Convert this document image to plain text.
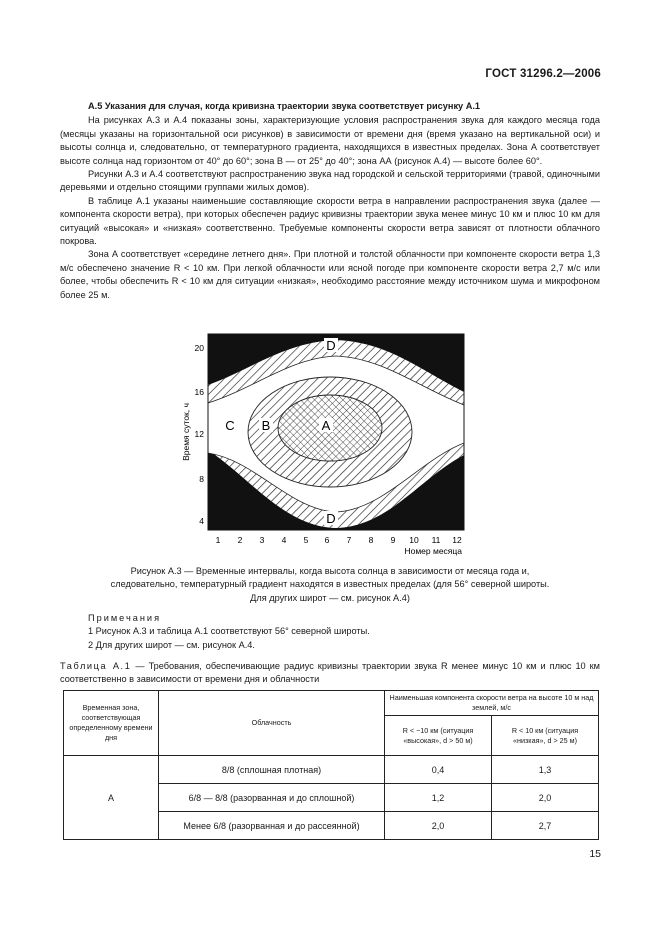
ГОСТ 31296.2—2006

А.5 Указания для случая, когда кривизна траектории звука соответствует рисунку А.1

На рисунках А.3 и А.4 показаны зоны, характеризующие условия распространения звука для каждого месяца года (месяцы указаны на горизонтальной оси рисунков) в зависимости от времени дня (время указано на вертикальной оси) и высоты солнца и, следовательно, от температурного градиента, находящихся в известных пределах. Зона А соответствует высоте солнца над горизонтом от 40° до 60°; зона В — от 25° до 40°; зона АА (рисунок А.4) — высоте более 60°.

Рисунки А.3 и А.4 соответствуют распространению звука над городской и сельской территориями (травой, одиночными деревьями и отдельно стоящими группами жилых домов).

В таблице А.1 указаны наименьшие составляющие скорости ветра в направлении распространения звука (далее — компонента скорости ветра), при которых обеспечен радиус кривизны траектории звука менее минус 10 км и плюс 10 км для ситуаций «высокая» и «низкая» соответственно. Требуемые компоненты скорости ветра зависят от плотности облачного покрова.

Зона А соответствует «середине летнего дня». При плотной и толстой облачности при компоненте скорости ветра 1,3 м/с обеспечено значение R < 10 км. При легкой облачности или ясной погоде при компоненте скорости ветра 2,7 м/с или более, чтобы обеспечить R < 10 км для ситуации «низкая», необходимо расстояние между источником шума и микрофоном более 25 м.

A
B
C
D
D
20
16
12
8
4
Время суток, ч
1 2 3 4 5 6 7 8 9 10 11 12
Номер месяца

Рисунок А.3 — Временные интервалы, когда высота солнца в зависимости от месяца года и,

следовательно, температурный градиент находятся в известных пределах (для 56° северной широты.

Для других широт — см. рисунок А.4)

Примечания

1 Рисунок А.3 и таблица А.1 соответствуют 56° северной широты.

2 Для других широт — см. рисунок А.4.

Таблица А.1 — Требования, обеспечивающие радиус кривизны траектории звука R менее минус 10 км и плюс 10 км соответственно в зависимости от времени дня и облачности

Временная зона, соответствующая определенному времени дня	Облачность	Наименьшая компонента скорости ветра на высоте 10 м над землей, м/с	
		R < −10 км (ситуация «высокая», d > 50 м)	R < 10 км (ситуация «низкая», d > 25 м)
А	8/8 (сплошная плотная)	0,4	1,3
	6/8 — 8/8 (разорванная и до сплошной)	1,2	2,0
	Менее 6/8 (разорванная и до рассеянной)	2,0	2,7
15
